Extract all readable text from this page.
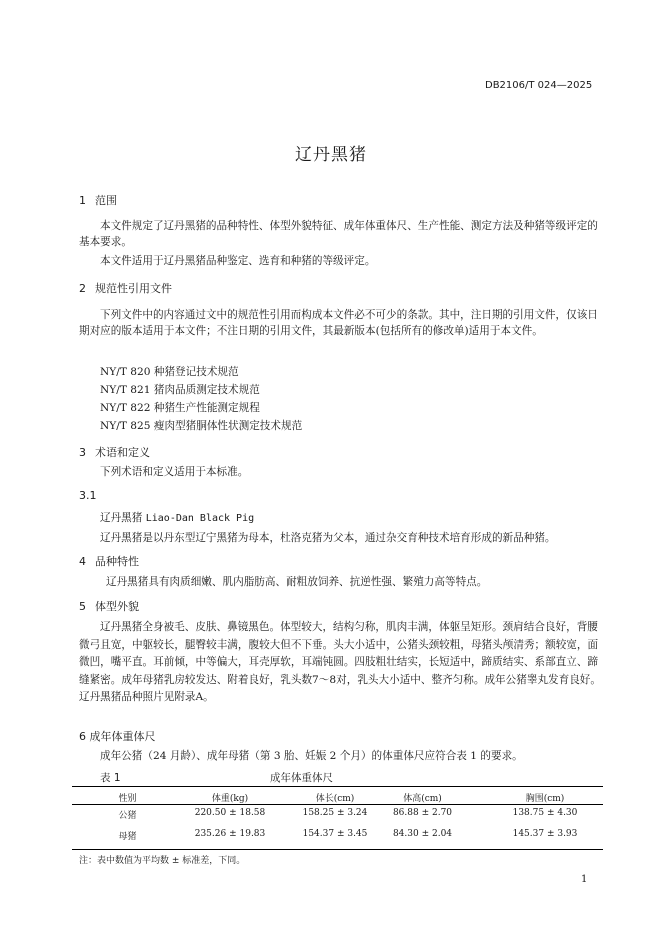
DB2106/T 024—2025
辽丹黑猪
1 范围
本文件规定了辽丹黑猪的品种特性、体型外貌特征、成年体重体尺、生产性能、测定方法及种猪等级评定的基本要求。
本文件适用于辽丹黑猪品种鉴定、选育和种猪的等级评定。
2 规范性引用文件
下列文件中的内容通过文中的规范性引用而构成本文件必不可少的条款。其中，注日期的引用文件，仅该日期对应的版本适用于本文件；不注日期的引用文件，其最新版本(包括所有的修改单)适用于本文件。
NY/T 820 种猪登记技术规范
NY/T 821 猪肉品质测定技术规范
NY/T 822 种猪生产性能测定规程
NY/T 825 瘦肉型猪胴体性状测定技术规范
3 术语和定义
下列术语和定义适用于本标准。
3.1
辽丹黑猪 Liao-Dan Black Pig
辽丹黑猪是以丹东型辽宁黑猪为母本，杜洛克猪为父本，通过杂交育种技术培育形成的新品种猪。
4 品种特性
辽丹黑猪具有肉质细嫩、肌内脂肪高、耐粗放饲养、抗逆性强、繁殖力高等特点。
5 体型外貌
辽丹黑猪全身被毛、皮肤、鼻镜黑色。体型较大，结构匀称，肌肉丰满，体躯呈矩形。颈肩结合良好，背腰微弓且宽，中躯较长，腿臀较丰满，腹较大但不下垂。头大小适中，公猪头颈较粗，母猪头颅清秀；额较宽，面微凹，嘴平直。耳前倾，中等偏大，耳壳厚软，耳端钝圆。四肢粗壮结实，长短适中，蹄质结实、系部直立、蹄缝紧密。成年母猪乳房较发达、附着良好，乳头数7～8对，乳头大小适中、整齐匀称。成年公猪睾丸发育良好。辽丹黑猪品种照片见附录A。
6 成年体重体尺
成年公猪（24 月龄）、成年母猪（第 3 胎、妊娠 2 个月）的体重体尺应符合表 1 的要求。
表 1	成年体重体尺
性别	体重(kg)	体长(cm)	体高(cm)	胸围(cm)
公猪	220.50 ± 18.58	158.25 ± 3.24	86.88 ± 2.70	138.75 ± 4.30
母猪	235.26 ± 19.83	154.37 ± 3.45	84.30 ± 2.04	145.37 ± 3.93
注：表中数值为平均数 ± 标准差，下同。
1
